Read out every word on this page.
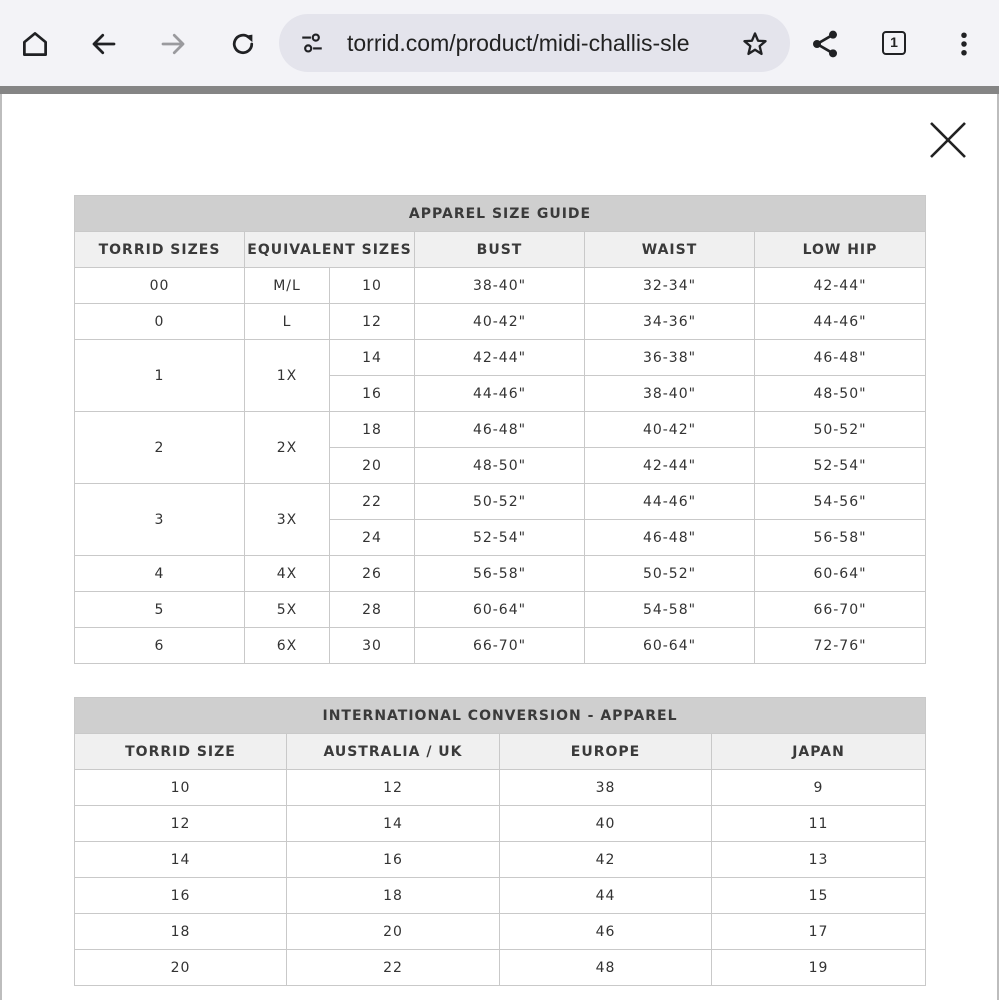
torrid.com/product/midi-challis-sle	1
APPAREL SIZE GUIDE					
TORRID SIZES	EQUIVALENT SIZES		BUST	WAIST	LOW HIP
00	M/L	10	38-40"	32-34"	42-44"
0	L	12	40-42"	34-36"	44-46"
1	1X	14	42-44"	36-38"	46-48"
		16	44-46"	38-40"	48-50"
2	2X	18	46-48"	40-42"	50-52"
		20	48-50"	42-44"	52-54"
3	3X	22	50-52"	44-46"	54-56"
		24	52-54"	46-48"	56-58"
4	4X	26	56-58"	50-52"	60-64"
5	5X	28	60-64"	54-58"	66-70"
6	6X	30	66-70"	60-64"	72-76"
INTERNATIONAL CONVERSION - APPAREL			
TORRID SIZE	AUSTRALIA / UK	EUROPE	JAPAN
10	12	38	9
12	14	40	11
14	16	42	13
16	18	44	15
18	20	46	17
20	22	48	19
